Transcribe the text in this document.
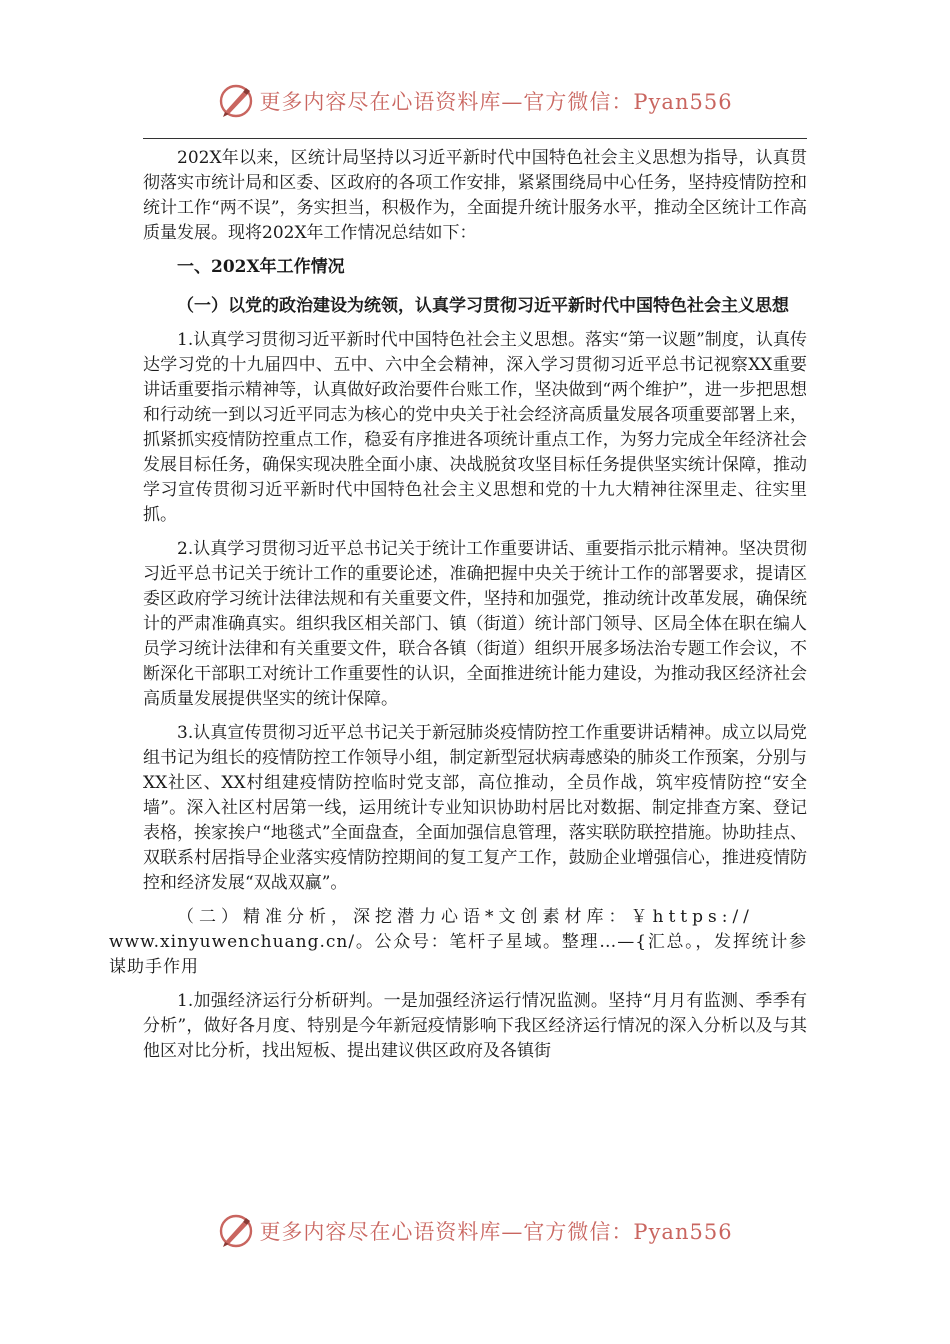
更多内容尽在心语资料库—官方微信：Pyan556

202X年以来，区统计局坚持以习近平新时代中国特色社会主义思想为指导，认真贯彻落实市统计局和区委、区政府的各项工作安排，紧紧围绕局中心任务，坚持疫情防控和统计工作“两不误”，务实担当，积极作为，全面提升统计服务水平，推动全区统计工作高质量发展。现将202X年工作情况总结如下：

一、202X年工作情况

（一）以党的政治建设为统领，认真学习贯彻习近平新时代中国特色社会主义思想

1.认真学习贯彻习近平新时代中国特色社会主义思想。落实“第一议题”制度，认真传达学习党的十九届四中、五中、六中全会精神，深入学习贯彻习近平总书记视察XX重要讲话重要指示精神等，认真做好政治要件台账工作，坚决做到“两个维护”，进一步把思想和行动统一到以习近平同志为核心的党中央关于社会经济高质量发展各项重要部署上来，抓紧抓实疫情防控重点工作，稳妥有序推进各项统计重点工作，为努力完成全年经济社会发展目标任务，确保实现决胜全面小康、决战脱贫攻坚目标任务提供坚实统计保障，推动学习宣传贯彻习近平新时代中国特色社会主义思想和党的十九大精神往深里走、往实里抓。

2.认真学习贯彻习近平总书记关于统计工作重要讲话、重要指示批示精神。坚决贯彻习近平总书记关于统计工作的重要论述，准确把握中央关于统计工作的部署要求，提请区委区政府学习统计法律法规和有关重要文件，坚持和加强党，推动统计改革发展，确保统计的严肃准确真实。组织我区相关部门、镇（街道）统计部门领导、区局全体在职在编人员学习统计法律和有关重要文件，联合各镇（街道）组织开展多场法治专题工作会议，不断深化干部职工对统计工作重要性的认识，全面推进统计能力建设，为推动我区经济社会高质量发展提供坚实的统计保障。

3.认真宣传贯彻习近平总书记关于新冠肺炎疫情防控工作重要讲话精神。成立以局党组书记为组长的疫情防控工作领导小组，制定新型冠状病毒感染的肺炎工作预案，分别与XX社区、XX村组建疫情防控临时党支部，高位推动，全员作战，筑牢疫情防控“安全墙”。深入社区村居第一线，运用统计专业知识协助村居比对数据、制定排查方案、登记表格，挨家挨户“地毯式”全面盘查，全面加强信息管理，落实联防联控措施。协助挂点、双联系村居指导企业落实疫情防控期间的复工复产工作，鼓励企业增强信心，推进疫情防控和经济发展“双战双赢”。

（二）精准分析，深挖潜力心语*文创素材库：￥https://
www.xinyuwenchuang.cn/。公众号：笔杆子星域。整理…—{汇总。，发挥统计参谋助手作用

1.加强经济运行分析研判。一是加强经济运行情况监测。坚持“月月有监测、季季有分析”，做好各月度、特别是今年新冠疫情影响下我区经济运行情况的深入分析以及与其他区对比分析，找出短板、提出建议供区政府及各镇街

更多内容尽在心语资料库—官方微信：Pyan556
